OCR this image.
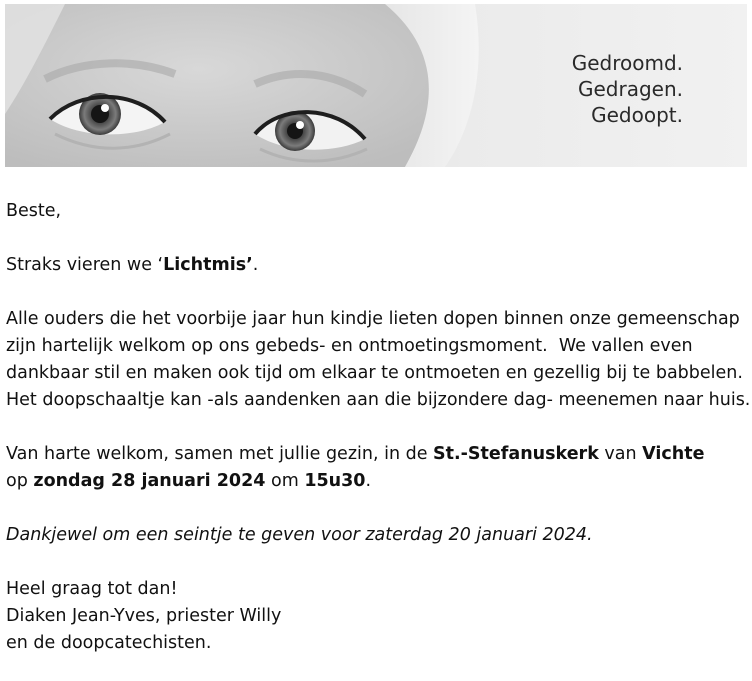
Gedroomd.
Gedragen.
Gedoopt.

Beste,

Straks vieren we ‘Lichtmis’.

Alle ouders die het voorbije jaar hun kindje lieten dopen binnen onze gemeenschap

zijn hartelijk welkom op ons gebeds- en ontmoetingsmoment.  We vallen even

dankbaar stil en maken ook tijd om elkaar te ontmoeten en gezellig bij te babbelen.

Het doopschaaltje kan -als aandenken aan die bijzondere dag- meenemen naar huis.

Van harte welkom, samen met jullie gezin, in de St.-Stefanuskerk van Vichte

op zondag 28 januari 2024 om 15u30.

Dankjewel om een seintje te geven voor zaterdag 20 januari 2024.

Heel graag tot dan!

Diaken Jean-Yves, priester Willy

en de doopcatechisten.
